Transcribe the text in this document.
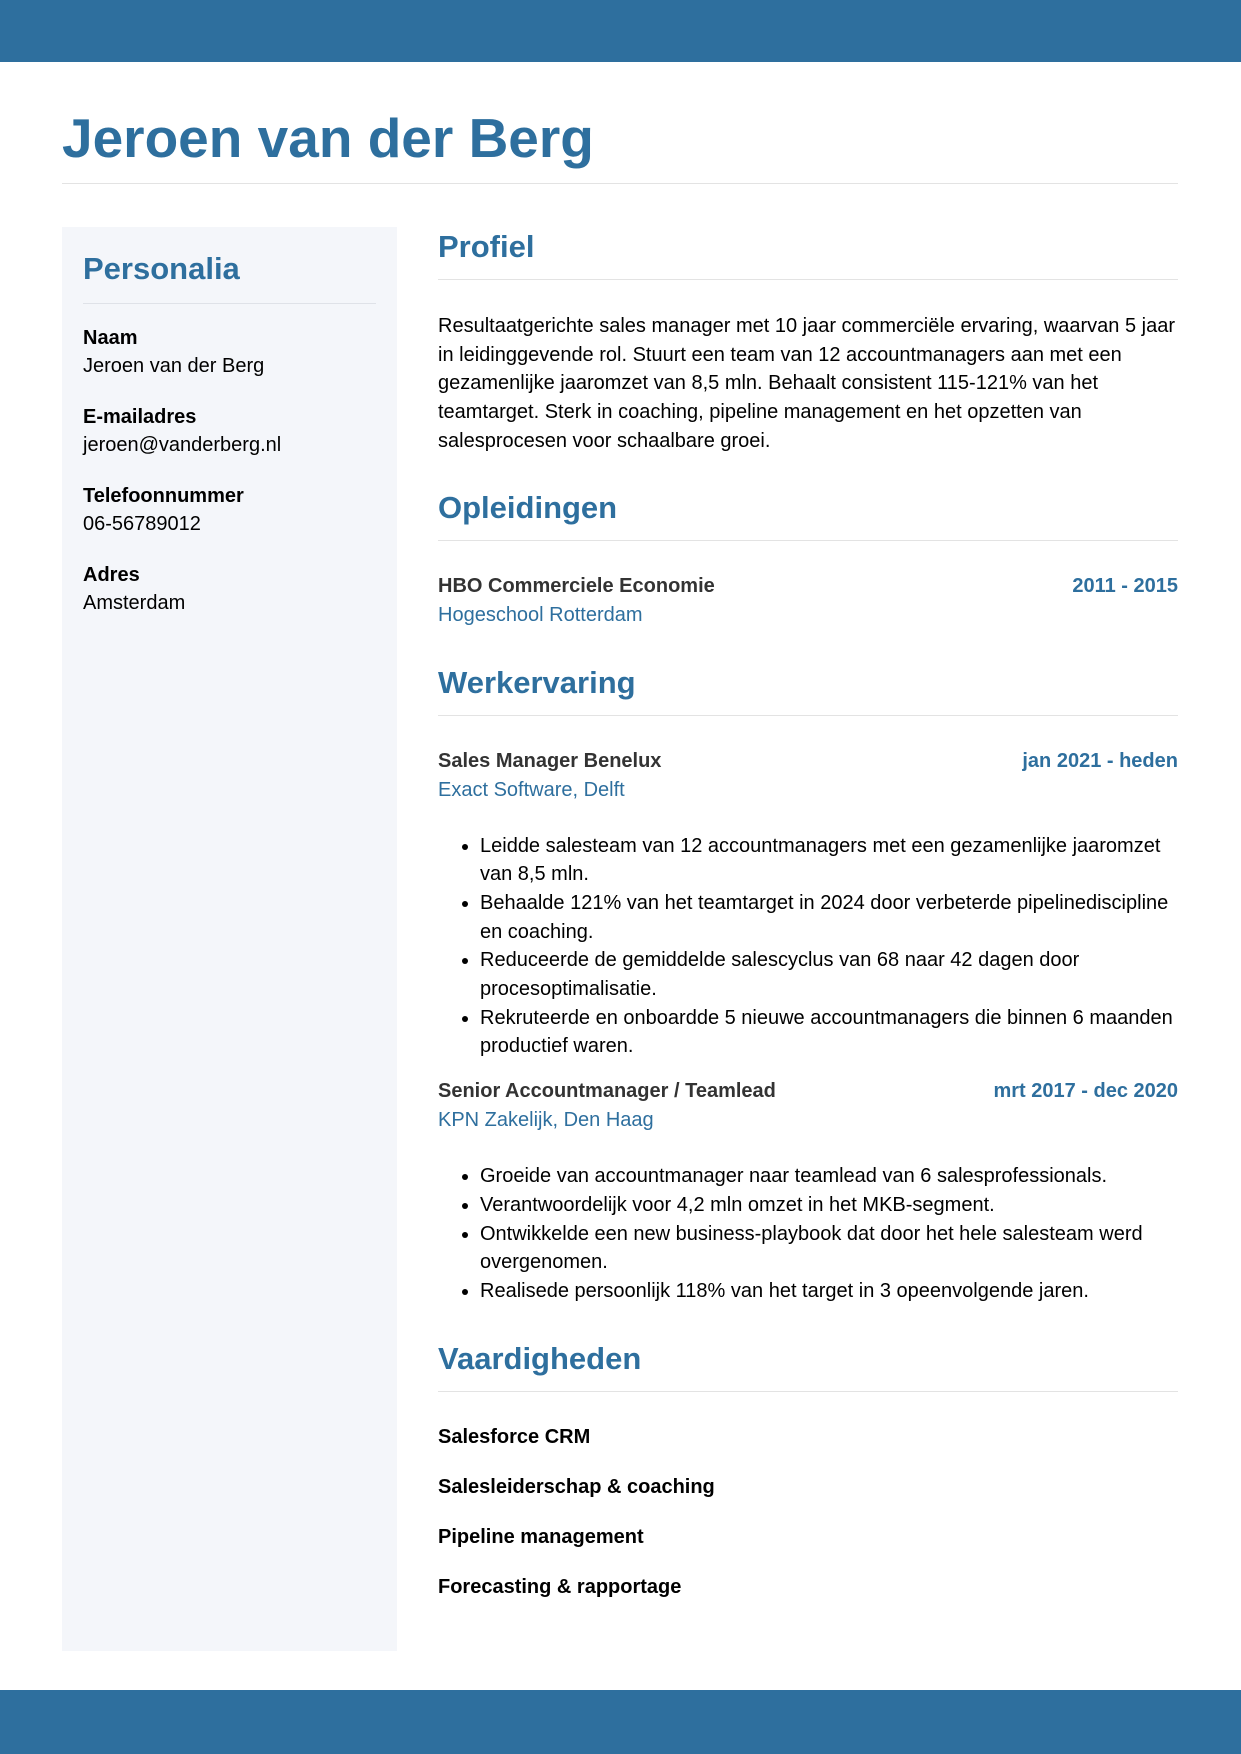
Jeroen van der Berg
Personalia
Naam
Jeroen van der Berg
E-mailadres
jeroen@vanderberg.nl
Telefoonnummer
06-56789012
Adres
Amsterdam
Profiel

Resultaatgerichte sales manager met 10 jaar commerciële ervaring, waarvan 5 jaar in leidinggevende rol. Stuurt een team van 12 accountmanagers aan met een gezamenlijke jaaromzet van 8,5 mln. Behaalt consistent 115-121% van het teamtarget. Sterk in coaching, pipeline management en het opzetten van salesprocesen voor schaalbare groei.

Opleidingen
HBO Commerciele Economie	2011 - 2015
Hogeschool Rotterdam
Werkervaring
Sales Manager Benelux	jan 2021 - heden
Exact Software, Delft
• Leidde salesteam van 12 accountmanagers met een gezamenlijke jaaromzet van 8,5 mln.
• Behaalde 121% van het teamtarget in 2024 door verbeterde pipelinediscipline en coaching.
• Reduceerde de gemiddelde salescyclus van 68 naar 42 dagen door procesoptimalisatie.
• Rekruteerde en onboardde 5 nieuwe accountmanagers die binnen 6 maanden productief waren.
Senior Accountmanager / Teamlead	mrt 2017 - dec 2020
KPN Zakelijk, Den Haag
• Groeide van accountmanager naar teamlead van 6 salesprofessionals.
• Verantwoordelijk voor 4,2 mln omzet in het MKB-segment.
• Ontwikkelde een new business-playbook dat door het hele salesteam werd overgenomen.
• Realisede persoonlijk 118% van het target in 3 opeenvolgende jaren.
Vaardigheden
Salesforce CRM
Salesleiderschap & coaching
Pipeline management
Forecasting & rapportage
